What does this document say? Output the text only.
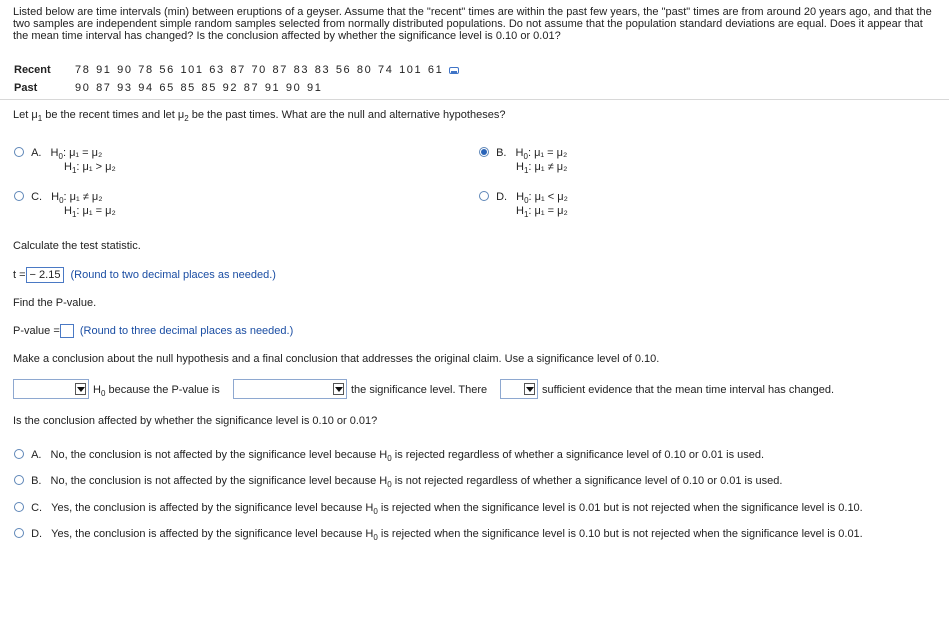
Listed below are time intervals (min) between eruptions of a geyser. Assume that the "recent" times are within the past few years, the "past" times are from around 20 years ago, and that the two samples are independent simple random samples selected from normally distributed populations. Do not assume that the population standard deviations are equal. Does it appear that the mean time interval has changed? Is the conclusion affected by whether the significance level is 0.10 or 0.01?
Recent 78 91 90 78 56 101 63 87 70 87 83 83 56 80 74 101 61
Past	90 87 93 94 65 85 85 92 87 91 90 91
Let $\mu_1$ be the recent times and let $\mu_2$ be the past times. What are the null and alternative hypotheses?
A. $H_0$: μ₁ = μ₂
$H_1$: μ₁ > μ₂
B. $H_0$: μ₁ = μ₂
$H_1$: μ₁ ≠ μ₂
C. $H_0$: μ₁ ≠ μ₂
$H_1$: μ₁ = μ₂
D. $H_0$: μ₁ < μ₂
$H_1$: μ₁ = μ₂
Calculate the test statistic.
t = − 2.15 (Round to two decimal places as needed.)
Find the P-value.
P-value = (Round to three decimal places as needed.)
Make a conclusion about the null hypothesis and a final conclusion that addresses the original claim. Use a significance level of 0.10.
$H_0$ because the P-value is	the significance level. There	sufficient evidence that the mean time interval has changed.
Is the conclusion affected by whether the significance level is 0.10 or 0.01?
A. No, the conclusion is not affected by the significance level because $H_0$ is rejected regardless of whether a significance level of 0.10 or 0.01 is used.
B. No, the conclusion is not affected by the significance level because $H_0$ is not rejected regardless of whether a significance level of 0.10 or 0.01 is used.
C. Yes, the conclusion is affected by the significance level because $H_0$ is rejected when the significance level is 0.01 but is not rejected when the significance level is 0.10.
D. Yes, the conclusion is affected by the significance level because $H_0$ is rejected when the significance level is 0.10 but is not rejected when the significance level is 0.01.
